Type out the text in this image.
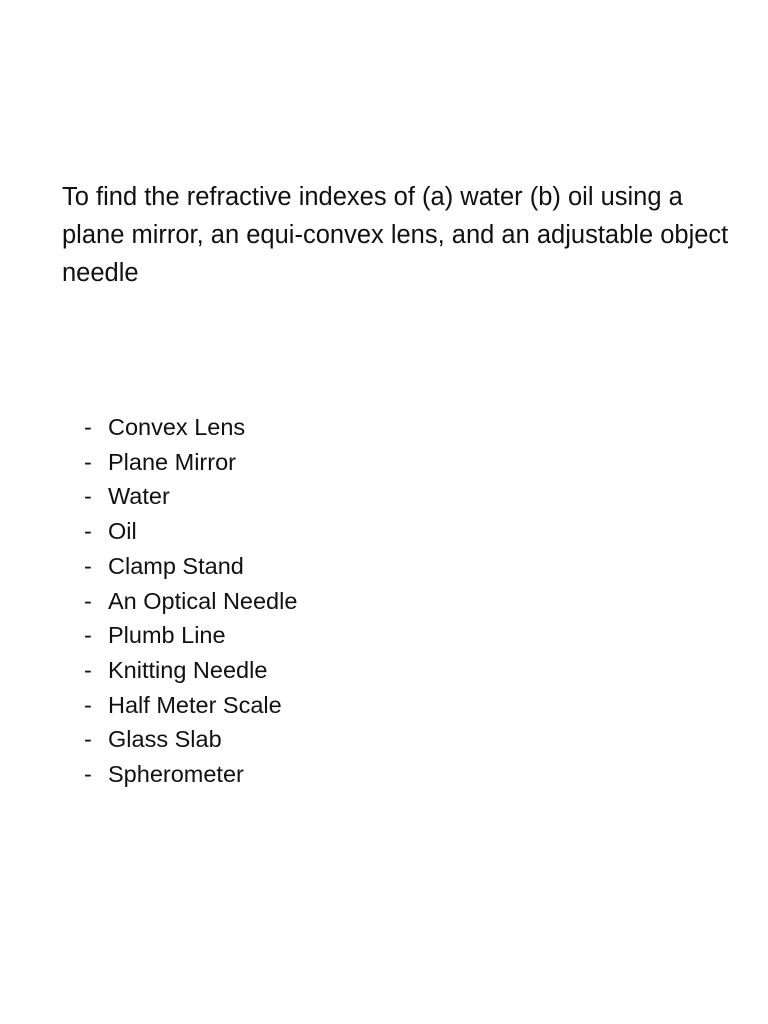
To find the refractive indexes of (a) water (b) oil using a plane mirror, an equi-convex lens, and an adjustable object needle

- Convex Lens
- Plane Mirror
- Water
- Oil
- Clamp Stand
- An Optical Needle
- Plumb Line
- Knitting Needle
- Half Meter Scale
- Glass Slab
- Spherometer
